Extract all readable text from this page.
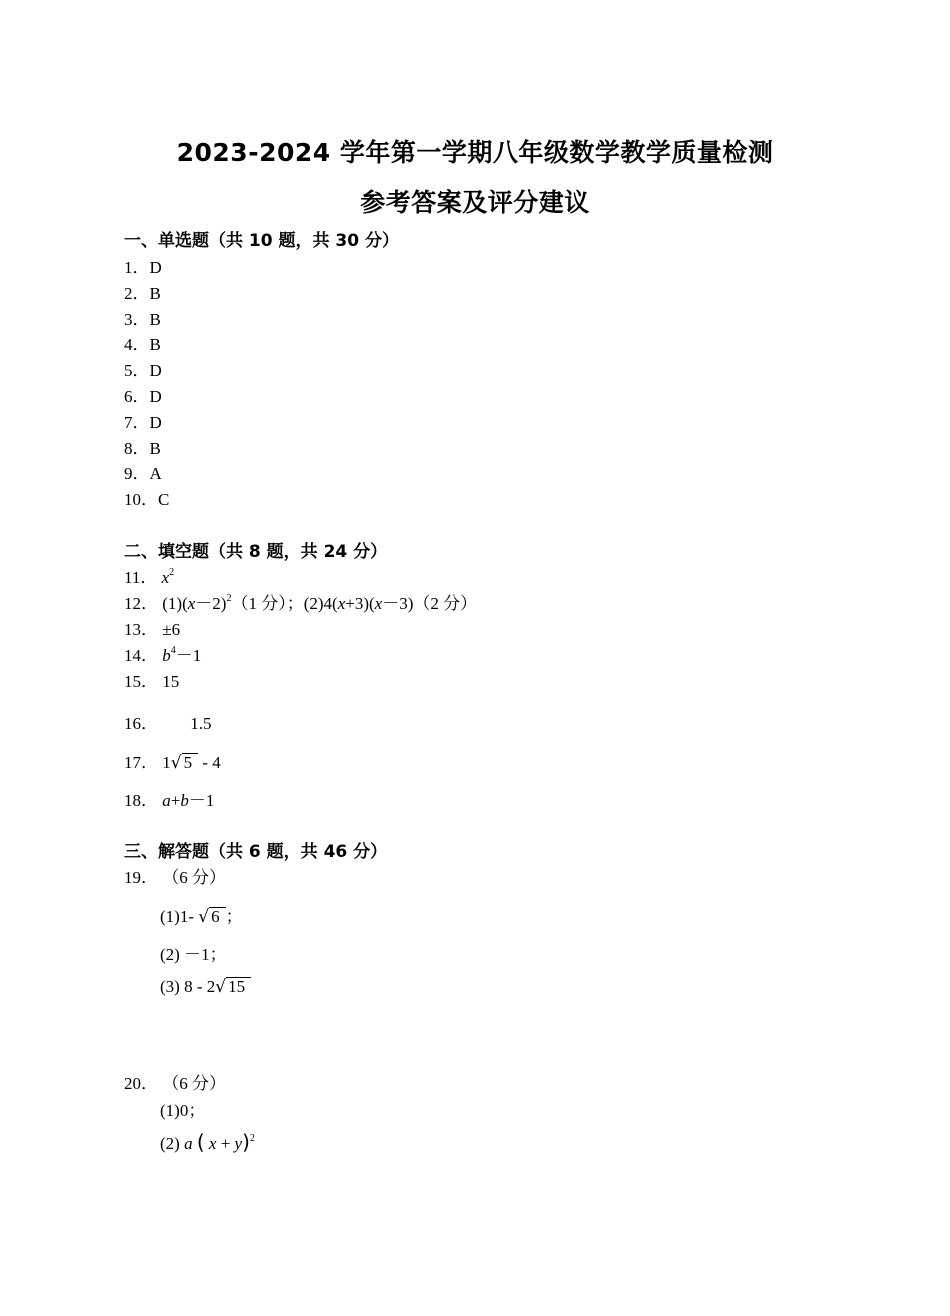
2023-2024 学年第一学期八年级数学教学质量检测
参考答案及评分建议
一、单选题（共 10 题，共 30 分）
1．D
2．B
3．B
4．B
5．D
6．D
7．D
8．B
9．A
10．C
二、填空题（共 8 题，共 24 分）
11． $x^2$
12． $(1)(x-2)^2(1$ 分）；(2)4(x+3)(x－3)（2 分）
13． ±6
14． $b^4-1$
15． 15
16． 1.5
17． 1√ 5 - 4
18． a+b－1
三、解答题（共 6 题，共 46 分）
19． （6 分）
(1)1- √ 6 ；
(2) －1；
(3) 8 - 2√ 15
20． （6 分）
(1)0；
(2) a ( x + y)$^2$
